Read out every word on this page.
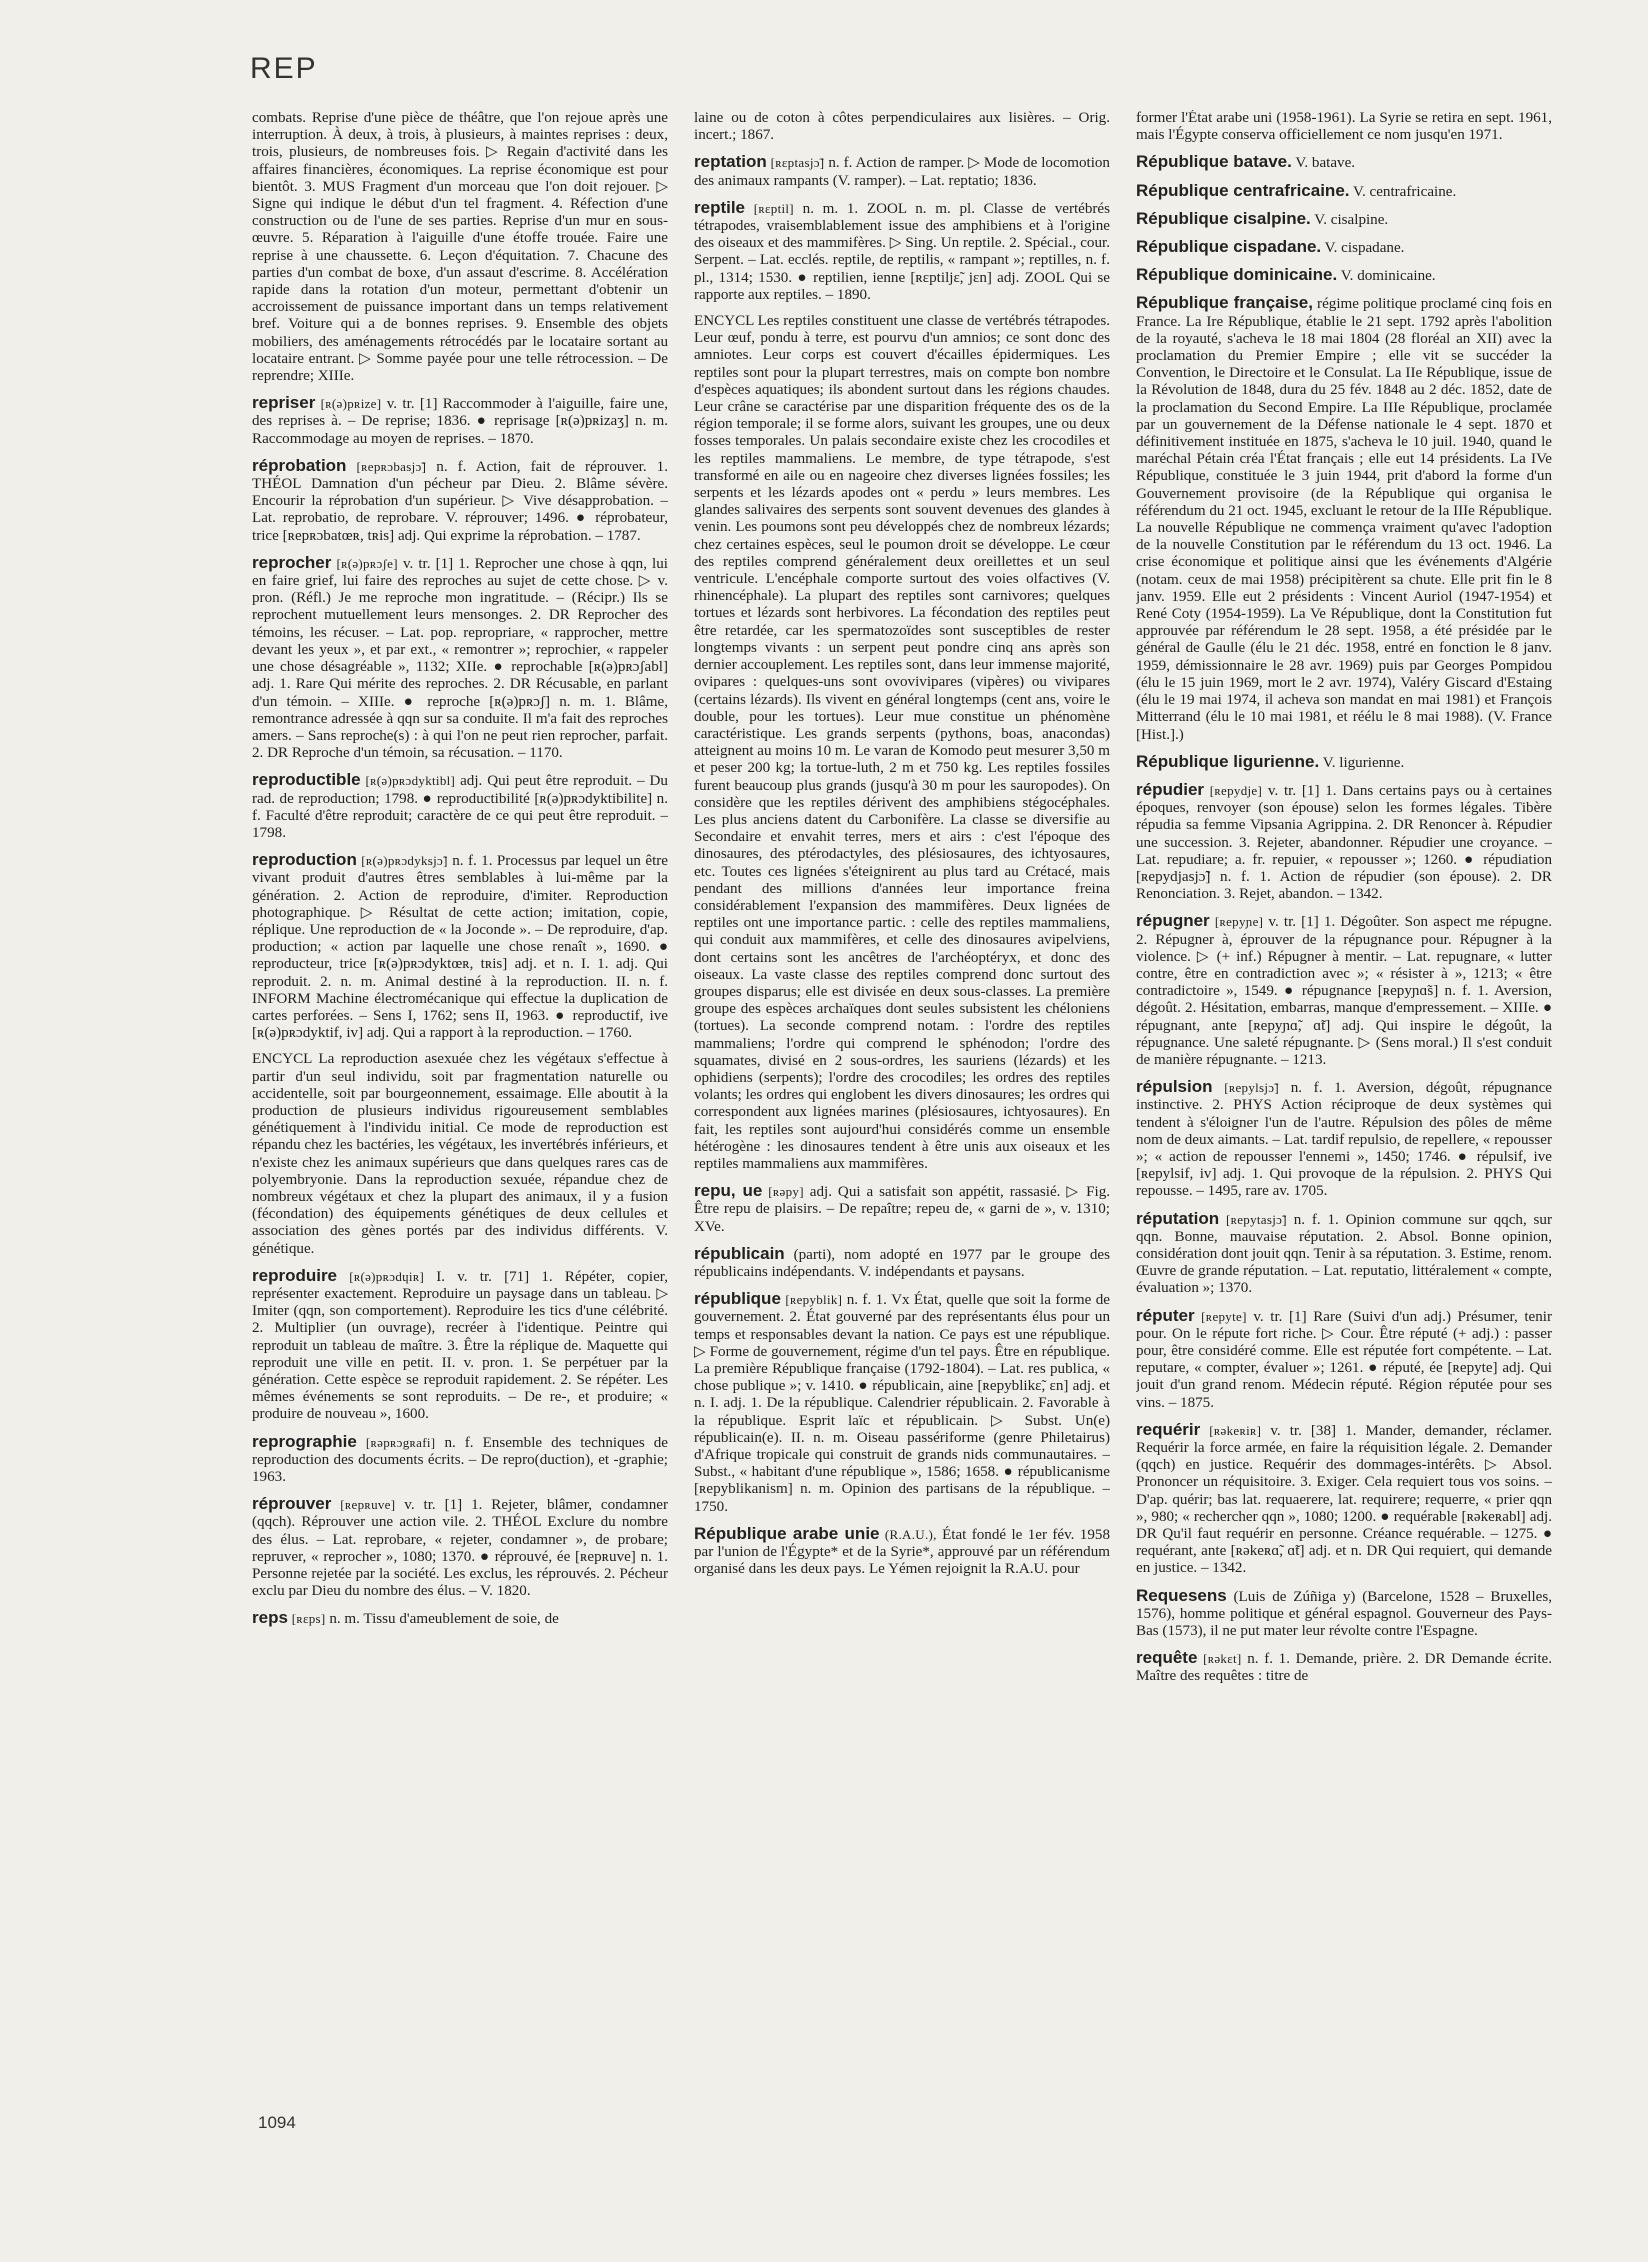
REP
combats. Reprise d'une pièce de théâtre, que l'on rejoue après une interruption. À deux, à trois, à plusieurs, à maintes reprises : deux, trois, plusieurs, de nombreuses fois. ▷ Regain d'activité dans les affaires financières, économiques. La reprise économique est pour bientôt. 3. MUS Fragment d'un morceau que l'on doit rejouer. ▷ Signe qui indique le début d'un tel fragment. 4. Réfection d'une construction ou de l'une de ses parties. Reprise d'un mur en sous-œuvre. 5. Réparation à l'aiguille d'une étoffe trouée. Faire une reprise à une chaussette. 6. Leçon d'équitation. 7. Chacune des parties d'un combat de boxe, d'un assaut d'escrime. 8. Accélération rapide dans la rotation d'un moteur, permettant d'obtenir un accroissement de puissance important dans un temps relativement bref. Voiture qui a de bonnes reprises. 9. Ensemble des objets mobiliers, des aménagements rétrocédés par le locataire sortant au locataire entrant. ▷ Somme payée pour une telle rétrocession. – De reprendre; XIIIe.
repriser [ʀ(ə)pʀize] v. tr. [1] Raccommoder à l'aiguille, faire une, des reprises à. – De reprise; 1836. ● reprisage [ʀ(ə)pʀizaʒ] n. m. Raccommodage au moyen de reprises. – 1870.
réprobation [ʀepʀɔbasjɔ̃] n. f. Action, fait de réprouver. 1. THÉOL Damnation d'un pécheur par Dieu. 2. Blâme sévère. Encourir la réprobation d'un supérieur. ▷ Vive désapprobation. – Lat. reprobatio, de reprobare. V. réprouver; 1496. ● réprobateur, trice [ʀepʀɔbatœʀ, tʀis] adj. Qui exprime la réprobation. – 1787.
reprocher [ʀ(ə)pʀɔʃe] v. tr. [1] 1. Reprocher une chose à qqn, lui en faire grief, lui faire des reproches au sujet de cette chose. ▷ v. pron. (Réfl.) Je me reproche mon ingratitude. – (Récipr.) Ils se reprochent mutuellement leurs mensonges. 2. DR Reprocher des témoins, les récuser. – Lat. pop. repropriare, « rapprocher, mettre devant les yeux », et par ext., « remontrer »; reprochier, « rappeler une chose désagréable », 1132; XIIe. ● reprochable [ʀ(ə)pʀɔʃabl] adj. 1. Rare Qui mérite des reproches. 2. DR Récusable, en parlant d'un témoin. – XIIIe. ● reproche [ʀ(ə)pʀɔʃ] n. m. 1. Blâme, remontrance adressée à qqn sur sa conduite. Il m'a fait des reproches amers. – Sans reproche(s) : à qui l'on ne peut rien reprocher, parfait. 2. DR Reproche d'un témoin, sa récusation. – 1170.
reproductible [ʀ(ə)pʀɔdyktibl] adj. Qui peut être reproduit. – Du rad. de reproduction; 1798. ● reproductibilité [ʀ(ə)pʀɔdyktibilite] n. f. Faculté d'être reproduit; caractère de ce qui peut être reproduit. – 1798.
reproduction [ʀ(ə)pʀɔdyksjɔ̃] n. f. 1. Processus par lequel un être vivant produit d'autres êtres semblables à lui-même par la génération. 2. Action de reproduire, d'imiter. Reproduction photographique. ▷ Résultat de cette action; imitation, copie, réplique. Une reproduction de « la Joconde ». – De reproduire, d'ap. production; « action par laquelle une chose renaît », 1690. ● reproducteur, trice [ʀ(ə)pʀɔdyktœʀ, tʀis] adj. et n. I. 1. adj. Qui reproduit. 2. n. m. Animal destiné à la reproduction. II. n. f. INFORM Machine électromécanique qui effectue la duplication de cartes perforées. – Sens I, 1762; sens II, 1963. ● reproductif, ive [ʀ(ə)pʀɔdyktif, iv] adj. Qui a rapport à la reproduction. – 1760.
ENCYCL La reproduction asexuée chez les végétaux s'effectue à partir d'un seul individu, soit par fragmentation naturelle ou accidentelle, soit par bourgeonnement, essaimage. Elle aboutit à la production de plusieurs individus rigoureusement semblables génétiquement à l'individu initial. Ce mode de reproduction est répandu chez les bactéries, les végétaux, les invertébrés inférieurs, et n'existe chez les animaux supérieurs que dans quelques rares cas de polyembryonie. Dans la reproduction sexuée, répandue chez de nombreux végétaux et chez la plupart des animaux, il y a fusion (fécondation) des équipements génétiques de deux cellules et association des gènes portés par des individus différents. V. génétique.
reproduire [ʀ(ə)pʀɔdɥiʀ] I. v. tr. [71] 1. Répéter, copier, représenter exactement. Reproduire un paysage dans un tableau. ▷ Imiter (qqn, son comportement). Reproduire les tics d'une célébrité. 2. Multiplier (un ouvrage), recréer à l'identique. Peintre qui reproduit un tableau de maître. 3. Être la réplique de. Maquette qui reproduit une ville en petit. II. v. pron. 1. Se perpétuer par la génération. Cette espèce se reproduit rapidement. 2. Se répéter. Les mêmes événements se sont reproduits. – De re-, et produire; « produire de nouveau », 1600.
reprographie [ʀəpʀɔgʀafi] n. f. Ensemble des techniques de reproduction des documents écrits. – De repro(duction), et -graphie; 1963.
réprouver [ʀepʀuve] v. tr. [1] 1. Rejeter, blâmer, condamner (qqch). Réprouver une action vile. 2. THÉOL Exclure du nombre des élus. – Lat. reprobare, « rejeter, condamner », de probare; repruver, « reprocher », 1080; 1370. ● réprouvé, ée [ʀepʀuve] n. 1. Personne rejetée par la société. Les exclus, les réprouvés. 2. Pécheur exclu par Dieu du nombre des élus. – V. 1820.
reps [ʀɛps] n. m. Tissu d'ameublement de soie, de
laine ou de coton à côtes perpendiculaires aux lisières. – Orig. incert.; 1867.
reptation [ʀɛptasjɔ̃] n. f. Action de ramper. ▷ Mode de locomotion des animaux rampants (V. ramper). – Lat. reptatio; 1836.
reptile [ʀɛptil] n. m. 1. ZOOL n. m. pl. Classe de vertébrés tétrapodes, vraisemblablement issue des amphibiens et à l'origine des oiseaux et des mammifères. ▷ Sing. Un reptile. 2. Spécial., cour. Serpent. – Lat. ecclés. reptile, de reptilis, « rampant »; reptilles, n. f. pl., 1314; 1530. ● reptilien, ienne [ʀɛptiljɛ̃, jɛn] adj. ZOOL Qui se rapporte aux reptiles. – 1890.
ENCYCL Les reptiles constituent une classe de vertébrés tétrapodes. Leur œuf, pondu à terre, est pourvu d'un amnios; ce sont donc des amniotes. Leur corps est couvert d'écailles épidermiques. Les reptiles sont pour la plupart terrestres, mais on compte bon nombre d'espèces aquatiques; ils abondent surtout dans les régions chaudes. Leur crâne se caractérise par une disparition fréquente des os de la région temporale; il se forme alors, suivant les groupes, une ou deux fosses temporales. Un palais secondaire existe chez les crocodiles et les reptiles mammaliens. Le membre, de type tétrapode, s'est transformé en aile ou en nageoire chez diverses lignées fossiles; les serpents et les lézards apodes ont « perdu » leurs membres. Les glandes salivaires des serpents sont souvent devenues des glandes à venin. Les poumons sont peu développés chez de nombreux lézards; chez certaines espèces, seul le poumon droit se développe. Le cœur des reptiles comprend généralement deux oreillettes et un seul ventricule. L'encéphale comporte surtout des voies olfactives (V. rhinencéphale). La plupart des reptiles sont carnivores; quelques tortues et lézards sont herbivores. La fécondation des reptiles peut être retardée, car les spermatozoïdes sont susceptibles de rester longtemps vivants : un serpent peut pondre cinq ans après son dernier accouplement. Les reptiles sont, dans leur immense majorité, ovipares : quelques-uns sont ovovivipares (vipères) ou vivipares (certains lézards). Ils vivent en général longtemps (cent ans, voire le double, pour les tortues). Leur mue constitue un phénomène caractéristique. Les grands serpents (pythons, boas, anacondas) atteignent au moins 10 m. Le varan de Komodo peut mesurer 3,50 m et peser 200 kg; la tortue-luth, 2 m et 750 kg. Les reptiles fossiles furent beaucoup plus grands (jusqu'à 30 m pour les sauropodes). On considère que les reptiles dérivent des amphibiens stégocéphales. Les plus anciens datent du Carbonifère. La classe se diversifie au Secondaire et envahit terres, mers et airs : c'est l'époque des dinosaures, des ptérodactyles, des plésiosaures, des ichtyosaures, etc. Toutes ces lignées s'éteignirent au plus tard au Crétacé, mais pendant des millions d'années leur importance freina considérablement l'expansion des mammifères. Deux lignées de reptiles ont une importance partic. : celle des reptiles mammaliens, qui conduit aux mammifères, et celle des dinosaures avipelviens, dont certains sont les ancêtres de l'archéoptéryx, et donc des oiseaux. La vaste classe des reptiles comprend donc surtout des groupes disparus; elle est divisée en deux sous-classes. La première groupe des espèces archaïques dont seules subsistent les chéloniens (tortues). La seconde comprend notam. : l'ordre des reptiles mammaliens; l'ordre qui comprend le sphénodon; l'ordre des squamates, divisé en 2 sous-ordres, les sauriens (lézards) et les ophidiens (serpents); l'ordre des crocodiles; les ordres des reptiles volants; les ordres qui englobent les divers dinosaures; les ordres qui correspondent aux lignées marines (plésiosaures, ichtyosaures). En fait, les reptiles sont aujourd'hui considérés comme un ensemble hétérogène : les dinosaures tendent à être unis aux oiseaux et les reptiles mammaliens aux mammifères.
repu, ue [ʀəpy] adj. Qui a satisfait son appétit, rassasié. ▷ Fig. Être repu de plaisirs. – De repaître; repeu de, « garni de », v. 1310; XVe.
républicain (parti), nom adopté en 1977 par le groupe des républicains indépendants. V. indépendants et paysans.
république [ʀepyblik] n. f. 1. Vx État, quelle que soit la forme de gouvernement. 2. État gouverné par des représentants élus pour un temps et responsables devant la nation. Ce pays est une république. ▷ Forme de gouvernement, régime d'un tel pays. Être en république. La première République française (1792-1804). – Lat. res publica, « chose publique »; v. 1410. ● républicain, aine [ʀepyblikɛ̃, ɛn] adj. et n. I. adj. 1. De la république. Calendrier républicain. 2. Favorable à la république. Esprit laïc et républicain. ▷ Subst. Un(e) républicain(e). II. n. m. Oiseau passériforme (genre Philetairus) d'Afrique tropicale qui construit de grands nids communautaires. – Subst., « habitant d'une république », 1586; 1658. ● républicanisme [ʀepyblikanism] n. m. Opinion des partisans de la république. – 1750.
République arabe unie (R.A.U.), État fondé le 1er fév. 1958 par l'union de l'Égypte* et de la Syrie*, approuvé par un référendum organisé dans les deux pays. Le Yémen rejoignit la R.A.U. pour
former l'État arabe uni (1958-1961). La Syrie se retira en sept. 1961, mais l'Égypte conserva officiellement ce nom jusqu'en 1971.
République batave. V. batave.
République centrafricaine. V. centrafricaine.
République cisalpine. V. cisalpine.
République cispadane. V. cispadane.
République dominicaine. V. dominicaine.
République française, régime politique proclamé cinq fois en France. La Ire République, établie le 21 sept. 1792 après l'abolition de la royauté, s'acheva le 18 mai 1804 (28 floréal an XII) avec la proclamation du Premier Empire ; elle vit se succéder la Convention, le Directoire et le Consulat. La IIe République, issue de la Révolution de 1848, dura du 25 fév. 1848 au 2 déc. 1852, date de la proclamation du Second Empire. La IIIe République, proclamée par un gouvernement de la Défense nationale le 4 sept. 1870 et définitivement instituée en 1875, s'acheva le 10 juil. 1940, quand le maréchal Pétain créa l'État français ; elle eut 14 présidents. La IVe République, constituée le 3 juin 1944, prit d'abord la forme d'un Gouvernement provisoire (de la République qui organisa le référendum du 21 oct. 1945, excluant le retour de la IIIe République. La nouvelle République ne commença vraiment qu'avec l'adoption de la nouvelle Constitution par le référendum du 13 oct. 1946. La crise économique et politique ainsi que les événements d'Algérie (notam. ceux de mai 1958) précipitèrent sa chute. Elle prit fin le 8 janv. 1959. Elle eut 2 présidents : Vincent Auriol (1947-1954) et René Coty (1954-1959). La Ve République, dont la Constitution fut approuvée par référendum le 28 sept. 1958, a été présidée par le général de Gaulle (élu le 21 déc. 1958, entré en fonction le 8 janv. 1959, démissionnaire le 28 avr. 1969) puis par Georges Pompidou (élu le 15 juin 1969, mort le 2 avr. 1974), Valéry Giscard d'Estaing (élu le 19 mai 1974, il acheva son mandat en mai 1981) et François Mitterrand (élu le 10 mai 1981, et réélu le 8 mai 1988). (V. France [Hist.].)
République ligurienne. V. ligurienne.
répudier [ʀepydje] v. tr. [1] 1. Dans certains pays ou à certaines époques, renvoyer (son épouse) selon les formes légales. Tibère répudia sa femme Vipsania Agrippina. 2. DR Renoncer à. Répudier une succession. 3. Rejeter, abandonner. Répudier une croyance. – Lat. repudiare; a. fr. repuier, « repousser »; 1260. ● répudiation [ʀepydjasjɔ̃] n. f. 1. Action de répudier (son épouse). 2. DR Renonciation. 3. Rejet, abandon. – 1342.
répugner [ʀepyɲe] v. tr. [1] 1. Dégoûter. Son aspect me répugne. 2. Répugner à, éprouver de la répugnance pour. Répugner à la violence. ▷ (+ inf.) Répugner à mentir. – Lat. repugnare, « lutter contre, être en contradiction avec »; « résister à », 1213; « être contradictoire », 1549. ● répugnance [ʀepyɲɑ̃s] n. f. 1. Aversion, dégoût. 2. Hésitation, embarras, manque d'empressement. – XIIIe. ● répugnant, ante [ʀepyɲɑ̃, ɑ̃t] adj. Qui inspire le dégoût, la répugnance. Une saleté répugnante. ▷ (Sens moral.) Il s'est conduit de manière répugnante. – 1213.
répulsion [ʀepylsjɔ̃] n. f. 1. Aversion, dégoût, répugnance instinctive. 2. PHYS Action réciproque de deux systèmes qui tendent à s'éloigner l'un de l'autre. Répulsion des pôles de même nom de deux aimants. – Lat. tardif repulsio, de repellere, « repousser »; « action de repousser l'ennemi », 1450; 1746. ● répulsif, ive [ʀepylsif, iv] adj. 1. Qui provoque de la répulsion. 2. PHYS Qui repousse. – 1495, rare av. 1705.
réputation [ʀepytasjɔ̃] n. f. 1. Opinion commune sur qqch, sur qqn. Bonne, mauvaise réputation. 2. Absol. Bonne opinion, considération dont jouit qqn. Tenir à sa réputation. 3. Estime, renom. Œuvre de grande réputation. – Lat. reputatio, littéralement « compte, évaluation »; 1370.
réputer [ʀepyte] v. tr. [1] Rare (Suivi d'un adj.) Présumer, tenir pour. On le répute fort riche. ▷ Cour. Être réputé (+ adj.) : passer pour, être considéré comme. Elle est réputée fort compétente. – Lat. reputare, « compter, évaluer »; 1261. ● réputé, ée [ʀepyte] adj. Qui jouit d'un grand renom. Médecin réputé. Région réputée pour ses vins. – 1875.
requérir [ʀəkeʀiʀ] v. tr. [38] 1. Mander, demander, réclamer. Requérir la force armée, en faire la réquisition légale. 2. Demander (qqch) en justice. Requérir des dommages-intérêts. ▷ Absol. Prononcer un réquisitoire. 3. Exiger. Cela requiert tous vos soins. – D'ap. quérir; bas lat. requaerere, lat. requirere; requerre, « prier qqn », 980; « rechercher qqn », 1080; 1200. ● requérable [ʀəkeʀabl] adj. DR Qu'il faut requérir en personne. Créance requérable. – 1275. ● requérant, ante [ʀəkeʀɑ̃, ɑ̃t] adj. et n. DR Qui requiert, qui demande en justice. – 1342.
Requesens (Luis de Zúñiga y) (Barcelone, 1528 – Bruxelles, 1576), homme politique et général espagnol. Gouverneur des Pays-Bas (1573), il ne put mater leur révolte contre l'Espagne.
requête [ʀəkɛt] n. f. 1. Demande, prière. 2. DR Demande écrite. Maître des requêtes : titre de
1094
